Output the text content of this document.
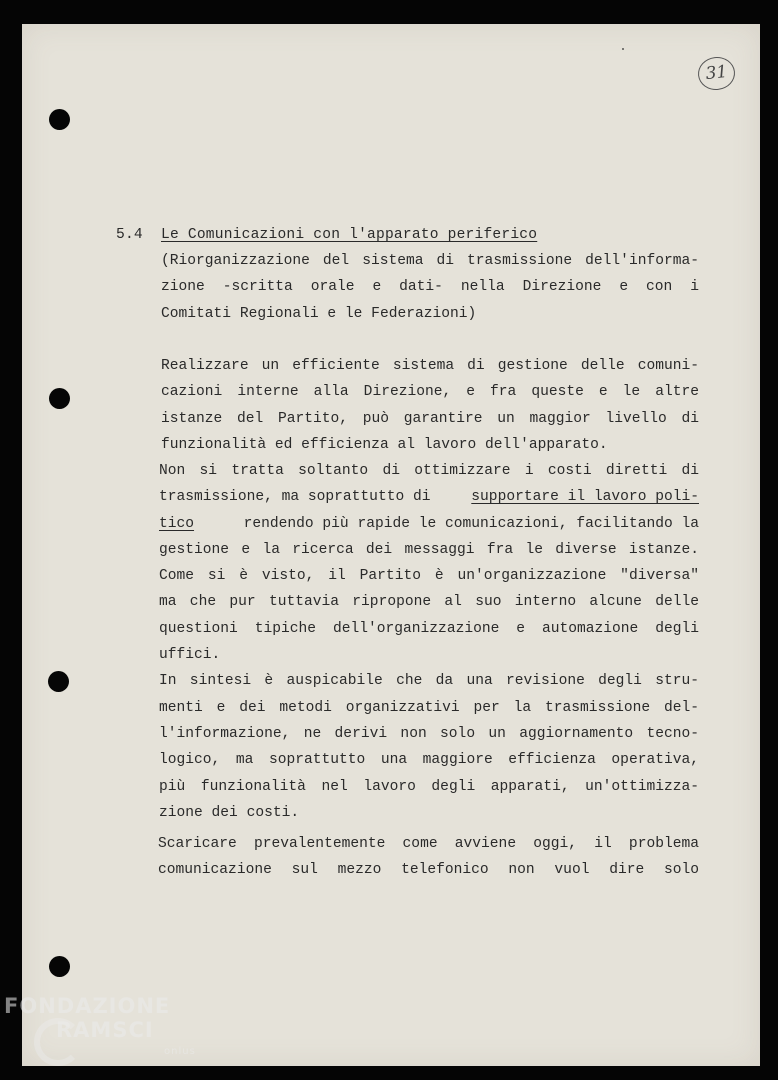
31
5.4 Le Comunicazioni con l'apparato periferico
(Riorganizzazione del sistema di trasmissione dell'informa-
zione -scritta orale e dati- nella Direzione e con i
Comitati Regionali e le Federazioni)
Realizzare un efficiente sistema di gestione delle comuni-
cazioni interne alla Direzione, e fra queste e le altre
istanze del Partito, può garantire un maggior livello di
funzionalità ed efficienza al lavoro dell'apparato.
Non si tratta soltanto di ottimizzare i costi diretti di
trasmissione, ma soprattutto di	supportare il lavoro poli-
tico	rendendo più rapide le comunicazioni, facilitando la
gestione e la ricerca dei messaggi fra le diverse istanze.
Come si è visto, il Partito è un'organizzazione "diversa"
ma che pur tuttavia ripropone al suo interno alcune delle
questioni tipiche dell'organizzazione e automazione degli
uffici.
In sintesi è auspicabile che da una revisione degli stru-
menti e dei metodi organizzativi per la trasmissione del-
l'informazione, ne derivi non solo un aggiornamento tecno-
logico, ma soprattutto una maggiore efficienza operativa,
più funzionalità nel lavoro degli apparati, un'ottimizza-
zione dei costi.
Scaricare prevalentemente come avviene oggi, il problema
comunicazione sul mezzo telefonico non vuol dire solo
FONDAZIONE
RAMSCI
onlus
